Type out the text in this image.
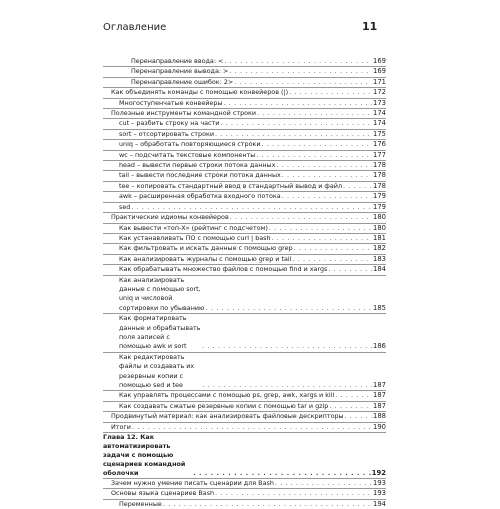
Оглавление	11
Перенаправление ввода: < . . .	169
Перенаправление вывода: > . . .	169
Перенаправление ошибок: 2> . . .	171
Как объединять команды с помощью конвейеров (|) . . .	172
Многоступенчатые конвейеры . . .	173
Полезные инструменты командной строки . . .	174
cut – разбить строку на части . . .	174
sort – отсортировать строки . . .	175
uniq – обработать повторяющиеся строки . . .	176
wc – подсчитать текстовые компоненты . . .	177
head – вывести первые строки потока данных . . .	178
tail – вывести последние строки потока данных . . .	178
tee – копировать стандартный ввод в стандартный вывод и файл . . .	178
awk – расширенная обработка входного потока . . .	179
sed . . .	179
Практические идиомы конвейеров . . .	180
Как вывести «топ-Х» (рейтинг с подсчетом) . . .	180
Как устанавливать ПО с помощью curl | bash . . .	181
Как фильтровать и искать данные с помощью grep . . .	182
Как анализировать журналы с помощью grep и tail . . .	183
Как обрабатывать множество файлов с помощью find и xargs . . .	184
Как анализировать данные с помощью sort, uniq и числовой сортировки по убыванию . . .	185
Как форматировать данные и обрабатывать поля записей с помощью awk и sort . . .	186
Как редактировать файлы и создавать их резервные копии с помощью sed и tee . . .	187
Как управлять процессами с помощью ps, grep, awk, xargs и kill . . .	187
Как создавать сжатые резервные копии с помощью tar и gzip . . .	187
Продвинутый материал: как анализировать файловые дескрипторы . . .	188
Итоги . . .	190
Глава 12. Как автоматизировать задачи с помощью сценариев командной оболочки . . .	192
Зачем нужно умение писать сценарии для Bash . . .	193
Основы языка сценариев Bash . . .	193
Переменные . . .	194
